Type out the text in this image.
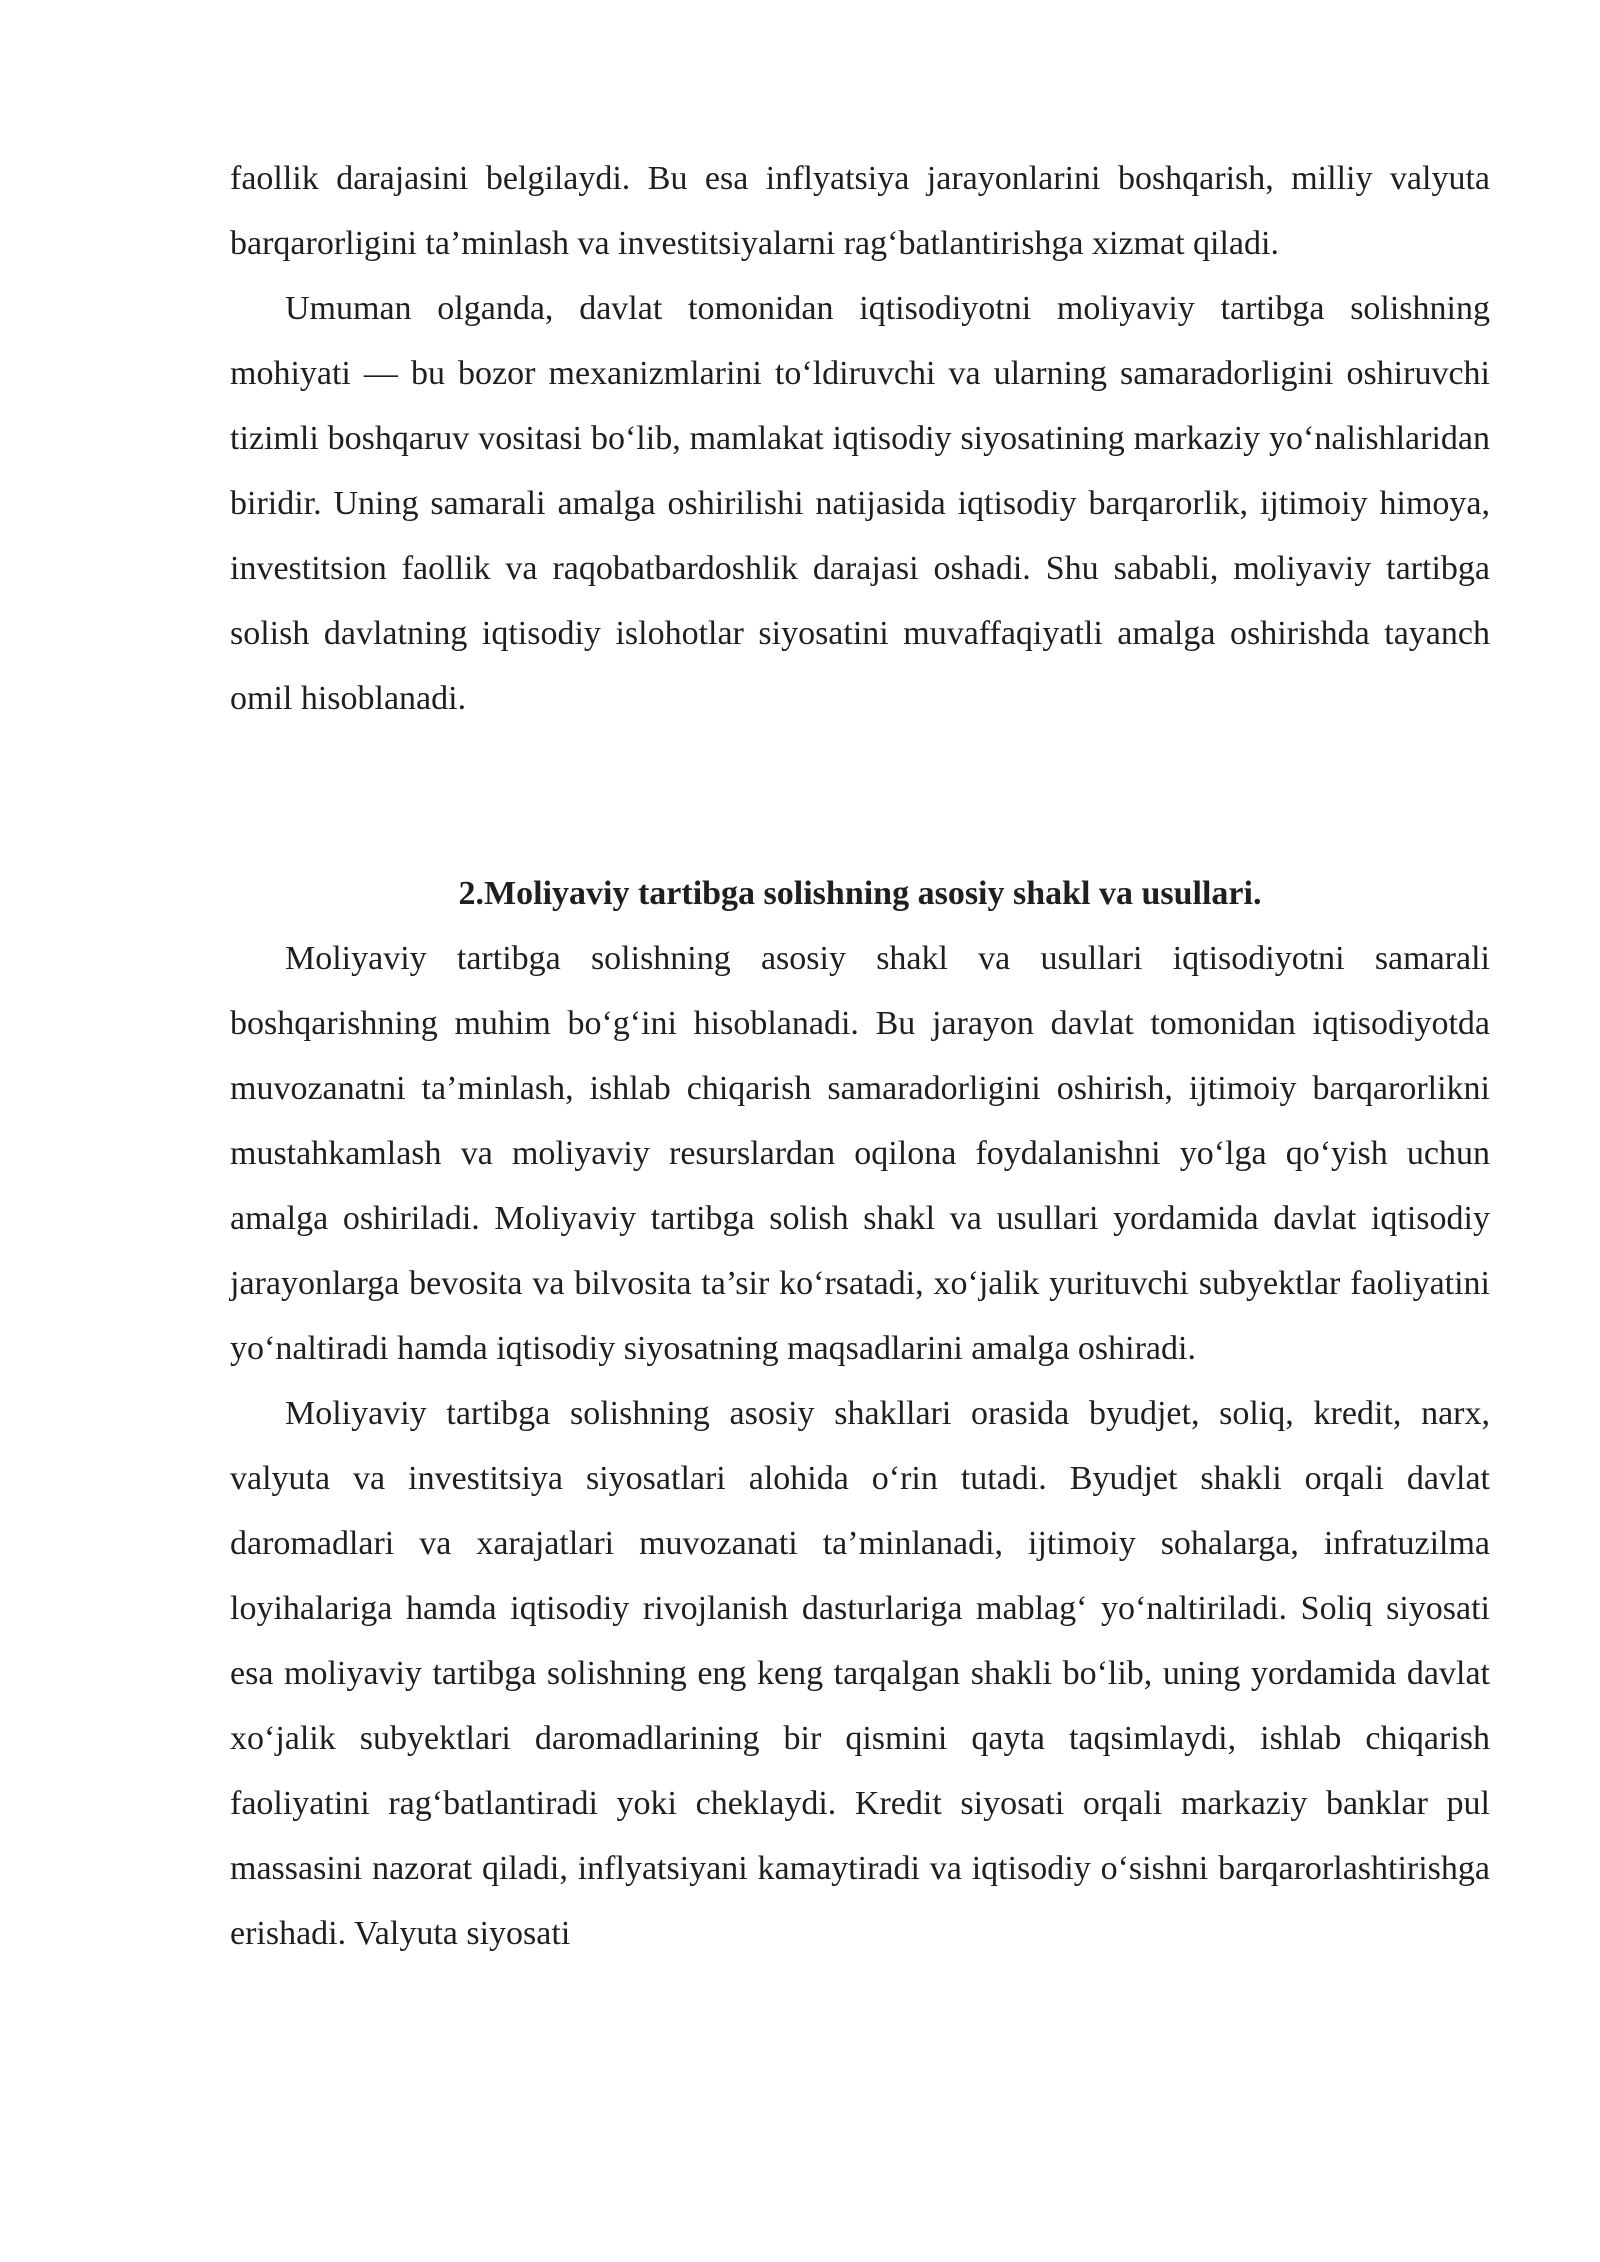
faollik darajasini belgilaydi. Bu esa inflyatsiya jarayonlarini boshqarish, milliy valyuta barqarorligini ta’minlash va investitsiyalarni rag‘batlantirishga xizmat qiladi.

Umuman olganda, davlat tomonidan iqtisodiyotni moliyaviy tartibga solishning mohiyati — bu bozor mexanizmlarini to‘ldiruvchi va ularning samaradorligini oshiruvchi tizimli boshqaruv vositasi bo‘lib, mamlakat iqtisodiy siyosatining markaziy yo‘nalishlaridan biridir. Uning samarali amalga oshirilishi natijasida iqtisodiy barqarorlik, ijtimoiy himoya, investitsion faollik va raqobatbardoshlik darajasi oshadi. Shu sababli, moliyaviy tartibga solish davlatning iqtisodiy islohotlar siyosatini muvaffaqiyatli amalga oshirishda tayanch omil hisoblanadi.

2.Moliyaviy tartibga solishning asosiy shakl va usullari.

Moliyaviy tartibga solishning asosiy shakl va usullari iqtisodiyotni samarali boshqarishning muhim bo‘g‘ini hisoblanadi. Bu jarayon davlat tomonidan iqtisodiyotda muvozanatni ta’minlash, ishlab chiqarish samaradorligini oshirish, ijtimoiy barqarorlikni mustahkamlash va moliyaviy resurslardan oqilona foydalanishni yo‘lga qo‘yish uchun amalga oshiriladi. Moliyaviy tartibga solish shakl va usullari yordamida davlat iqtisodiy jarayonlarga bevosita va bilvosita ta’sir ko‘rsatadi, xo‘jalik yurituvchi subyektlar faoliyatini yo‘naltiradi hamda iqtisodiy siyosatning maqsadlarini amalga oshiradi.

Moliyaviy tartibga solishning asosiy shakllari orasida byudjet, soliq, kredit, narx, valyuta va investitsiya siyosatlari alohida o‘rin tutadi. Byudjet shakli orqali davlat daromadlari va xarajatlari muvozanati ta’minlanadi, ijtimoiy sohalarga, infratuzilma loyihalariga hamda iqtisodiy rivojlanish dasturlariga mablag‘ yo‘naltiriladi. Soliq siyosati esa moliyaviy tartibga solishning eng keng tarqalgan shakli bo‘lib, uning yordamida davlat xo‘jalik subyektlari daromadlarining bir qismini qayta taqsimlaydi, ishlab chiqarish faoliyatini rag‘batlantiradi yoki cheklaydi. Kredit siyosati orqali markaziy banklar pul massasini nazorat qiladi, inflyatsiyani kamaytiradi va iqtisodiy o‘sishni barqarorlashtirishga erishadi. Valyuta siyosati
